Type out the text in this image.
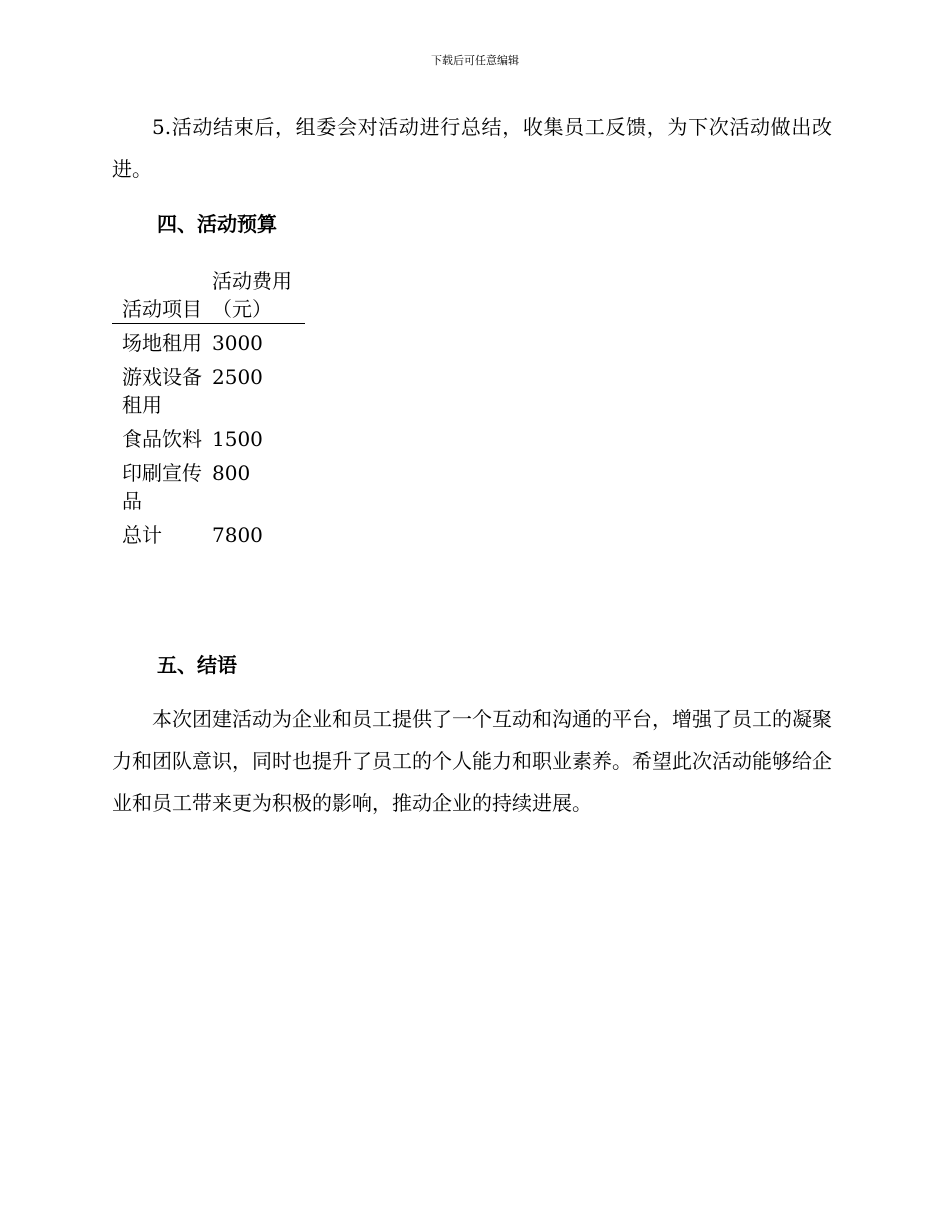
下载后可任意编辑

5.活动结束后，组委会对活动进行总结，收集员工反馈，为下次活动做出改进。

四、活动预算
活动项目	活动费用（元）

场地租用	3000
游戏设备租用	2500
食品饮料	1500
印刷宣传品	800
总计	7800
五、结语

本次团建活动为企业和员工提供了一个互动和沟通的平台，增强了员工的凝聚力和团队意识，同时也提升了员工的个人能力和职业素养。希望此次活动能够给企业和员工带来更为积极的影响，推动企业的持续进展。
